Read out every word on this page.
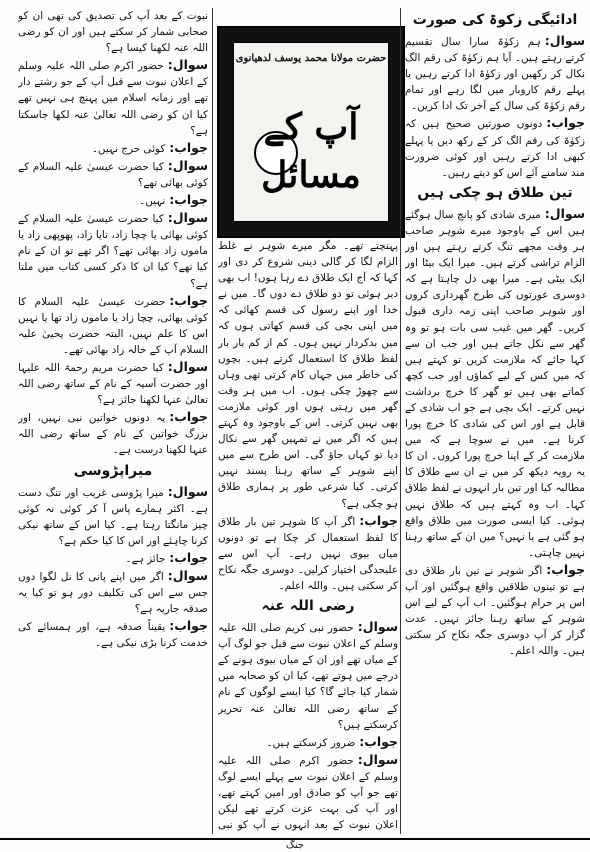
حضرت مولانا محمد یوسف لدھیانوی
آپ کے مسائل

ادائیگی زکوۃ کی صورت

سوال:ہم زکوٰۃ سارا سال تقسیم کرتے رہتے ہیں۔ آیا ہم زکوٰۃ کی رقم الگ نکال کر رکھیں اور زکوٰۃ ادا کرتے رہیں یا پہلے رقم کاروبار میں لگا رہے اور تمام رقم زکوٰۃ کی سال کے آخر تک ادا کریں۔

جواب:دونوں صورتیں صحیح ہیں کہ زکوٰۃ کی رقم الگ کر کے رکھ دیں یا پہلے کبھی ادا کرتے رہیں اور کوئی ضرورت مند سامنے آئے اس کو دیتے رہیں۔

تین طلاق ہو چکی ہیں

سوال:میری شادی کو پانچ سال ہوگئے ہیں اس کے باوجود میرے شوہر صاحب ہر وقت مجھے تنگ کرتے رہتے ہیں اور الزام تراشی کرتے ہیں۔ میرا ایک بیٹا اور ایک بیٹی ہے۔ میرا بھی دل چاہتا ہے کہ دوسری عورتوں کی طرح گھرداری کروں اور شوہر صاحب اپنی زمہ داری قبول کریں۔ گھر میں غیب سی بات ہو تو وہ گھر سے نکل جاتے ہیں اور جب ان سے کہا جائے کہ ملازمت کریں تو کہتے ہیں کہ میں کس کے لیے کماؤں اور جب کچھ کماتے بھی ہیں تو گھر کا خرچ برداشت نہیں کرتے۔ ایک بچی ہے جو اب شادی کے قابل ہے اور اس کی شادی کا خرچ پورا کرنا ہے۔ میں نے سوچا ہے کہ میں ملازمت کر کے اپنا خرچ پورا کروں۔ ان کا یہ رویہ دیکھ کر میں نے ان سے طلاق کا مطالبہ کیا اور تین بار انہوں نے لفظ طلاق کہا۔ اب وہ کہتے ہیں کہ طلاق نہیں ہوئی۔ کیا ایسی صورت میں طلاق واقع ہو گئی ہے یا نہیں؟ میں ان کے ساتھ رہنا نہیں چاہتی۔

جواب:اگر شوہر نے تین بار طلاق دی ہے تو تینوں طلاقیں واقع ہوگئیں اور آپ اس پر حرام ہوگئیں۔ اب آپ کے لیے اس شوہر کے ساتھ رہنا جائز نہیں۔ عدت گزار کر آپ دوسری جگہ نکاح کر سکتی ہیں۔ واللہ اعلم۔

پہنچتے تھے۔ مگر میرے شوہر نے غلط الزام لگا کر گالی دینی شروع کر دی اور کہا کہ آج ایک طلاق دے رہا ہوں! اب بھی دیر ہوئی تو دو طلاق دے دوں گا۔ میں نے خدا اور اپنے رسول کی قسم کھائی کہ میں اپنی بچی کی قسم کھاتی ہوں کہ میں بدکردار نہیں ہوں۔ کم از کم بار بار لفظ طلاق کا استعمال کرتے ہیں۔ بچوں کی خاطر میں جہاں کام کرتی تھی وہاں سے چھوڑ چکی ہوں۔ اب میں ہر وقت گھر میں رہتی ہوں اور کوئی ملازمت بھی نہیں کرتی۔ اس کے باوجود وہ کہتے ہیں کہ اگر میں نے تمہیں گھر سے نکال دیا تو کہاں جاؤ گی۔ اس طرح سے میں اپنے شوہر کے ساتھ رہنا پسند نہیں کرتی۔ کیا شرعی طور پر ہماری طلاق ہو چکی ہے؟

جواب:اگر آپ کا شوہر تین بار طلاق کا لفظ استعمال کر چکا ہے تو دونوں میاں بیوی نہیں رہے۔ آپ اس سے علیحدگی اختیار کرلیں۔ دوسری جگہ نکاح کر سکتی ہیں۔ واللہ اعلم۔

رضی اللہ عنہ

سوال:حضور نبی کریم صلی اللہ علیہ وسلم کے اعلان نبوت سے قبل جو لوگ آپ کے میاں تھے اور ان کے میاں بیوی ہونے کے درجے میں ہوتے تھے، کیا ان کو صحابہ میں شمار کیا جائے گا؟ کیا ایسے لوگوں کے نام کے ساتھ رضی اللہ تعالیٰ عنہ تحریر کرسکتے ہیں؟

جواب:ضرور کرسکتے ہیں۔

سوال:حضور اکرم صلی اللہ علیہ وسلم کے اعلان نبوت سے پہلے ایسے لوگ تھے جو آپ کو صادق اور امین کہتے تھے، اور آپ کی بہت عزت کرتے تھے لیکن اعلان نبوت کے بعد انہوں نے آپ کو نبی

نبوت کے بعد آپ کی تصدیق کی تھی ان کو صحابی شمار کر سکتے ہیں اور ان کو رضی اللہ عنہ لکھنا کیسا ہے؟

سوال:حضور اکرم صلی اللہ علیہ وسلم کے اعلان نبوت سے قبل آپ کے جو رشتے دار تھے اور زمانہ اسلام میں پہنچ ہی نہیں تھے کیا ان کو رضی اللہ تعالیٰ عنہ لکھا جاسکتا ہے؟

جواب:کوئی حرج نہیں۔

سوال:کیا حضرت عیسیٰ علیہ السلام کے کوئی بھائی تھے؟

جواب:نہیں۔

سوال:کیا حضرت عیسیٰ علیہ السلام کے کوئی بھائی یا چچا زاد، تایا زاد، پھوپھی زاد یا ماموں زاد بھائی تھے؟ اگر تھے تو ان کے نام کیا تھے؟ کیا ان کا ذکر کسی کتاب میں ملتا ہے؟

جواب:حضرت عیسیٰ علیہ السلام کا کوئی بھائی، چچا زاد یا ماموں زاد تھا یا نہیں اس کا علم نہیں، البتہ حضرت یحییٰ علیہ السلام آپ کے خالہ زاد بھائی تھے۔

سوال:کیا حضرت مریم رحمۃ اللہ علیہا اور حضرت آسیہ کے نام کے ساتھ رضی اللہ تعالیٰ عنہا لکھنا جائز ہے؟

جواب:یہ دونوں خواتین نبی نہیں، اور بزرگ خواتین کے نام کے ساتھ رضی اللہ عنہا لکھنا درست ہے۔

میراپڑوسی

سوال:میرا پڑوسی غریب اور تنگ دست ہے۔ اکثر ہمارے پاس آ کر کوئی نہ کوئی چیز مانگتا رہتا ہے۔ کیا اس کے ساتھ نیکی کرنا چاہئے اور اس کا کیا حکم ہے؟

جواب:جائز ہے۔

سوال:اگر میں اپنے پانی کا نل لگوا دوں جس سے اس کی تکلیف دور ہو تو کیا یہ صدقہ جاریہ ہے؟

جواب:یقیناً صدقہ ہے، اور ہمسائے کی خدمت کرنا بڑی نیکی ہے۔

جنگ
